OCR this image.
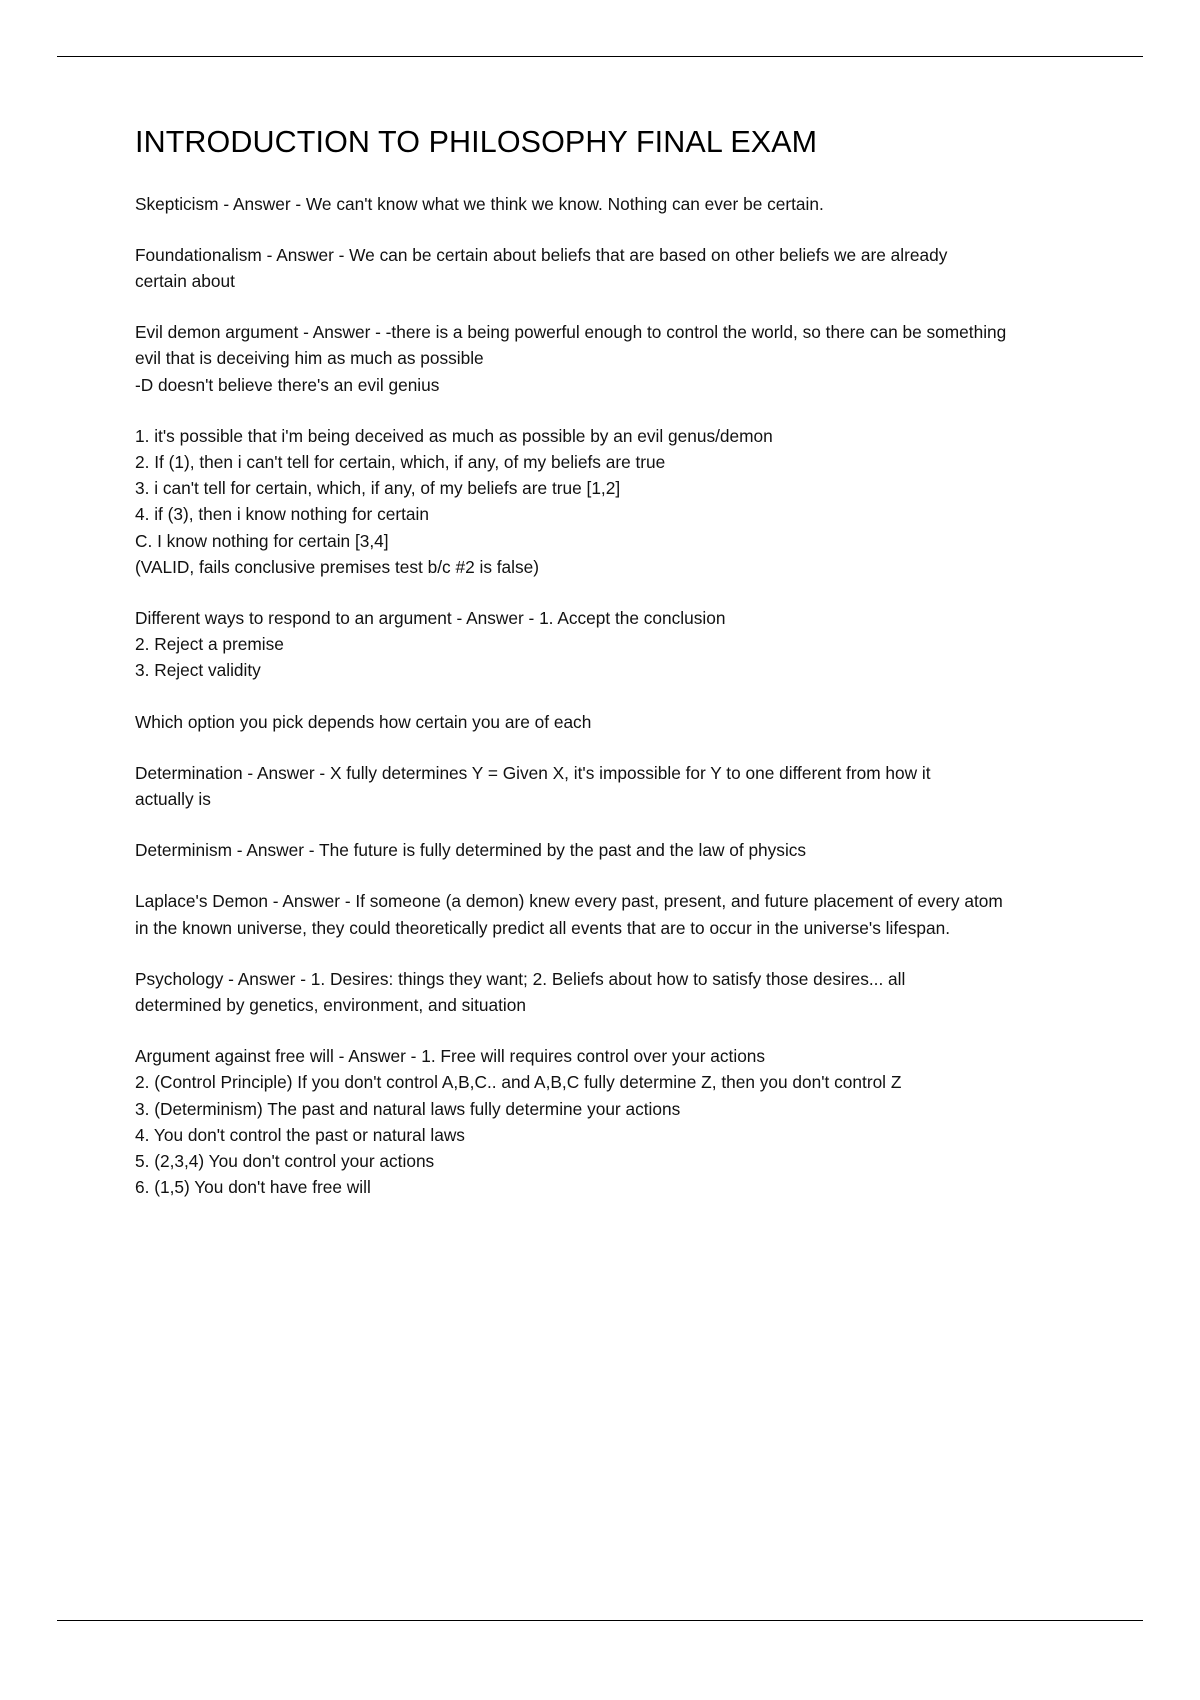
INTRODUCTION TO PHILOSOPHY FINAL EXAM
Skepticism - Answer - We can't know what we think we know. Nothing can ever be certain.
Foundationalism - Answer - We can be certain about beliefs that are based on other beliefs we are already certain about
Evil demon argument - Answer - -there is a being powerful enough to control the world, so there can be something evil that is deceiving him as much as possible
-D doesn't believe there's an evil genius
1. it's possible that i'm being deceived as much as possible by an evil genus/demon
2. If (1), then i can't tell for certain, which, if any, of my beliefs are true
3. i can't tell for certain, which, if any, of my beliefs are true [1,2]
4. if (3), then i know nothing for certain
C. I know nothing for certain [3,4]
(VALID, fails conclusive premises test b/c #2 is false)
Different ways to respond to an argument - Answer - 1. Accept the conclusion
2. Reject a premise
3. Reject validity
Which option you pick depends how certain you are of each
Determination - Answer - X fully determines Y = Given X, it's impossible for Y to one different from how it actually is
Determinism - Answer - The future is fully determined by the past and the law of physics
Laplace's Demon - Answer - If someone (a demon) knew every past, present, and future placement of every atom in the known universe, they could theoretically predict all events that are to occur in the universe's lifespan.
Psychology - Answer - 1. Desires: things they want; 2. Beliefs about how to satisfy those desires... all determined by genetics, environment, and situation
Argument against free will - Answer - 1. Free will requires control over your actions
2. (Control Principle) If you don't control A,B,C.. and A,B,C fully determine Z, then you don't control Z
3. (Determinism) The past and natural laws fully determine your actions
4. You don't control the past or natural laws
5. (2,3,4) You don't control your actions
6. (1,5) You don't have free will
